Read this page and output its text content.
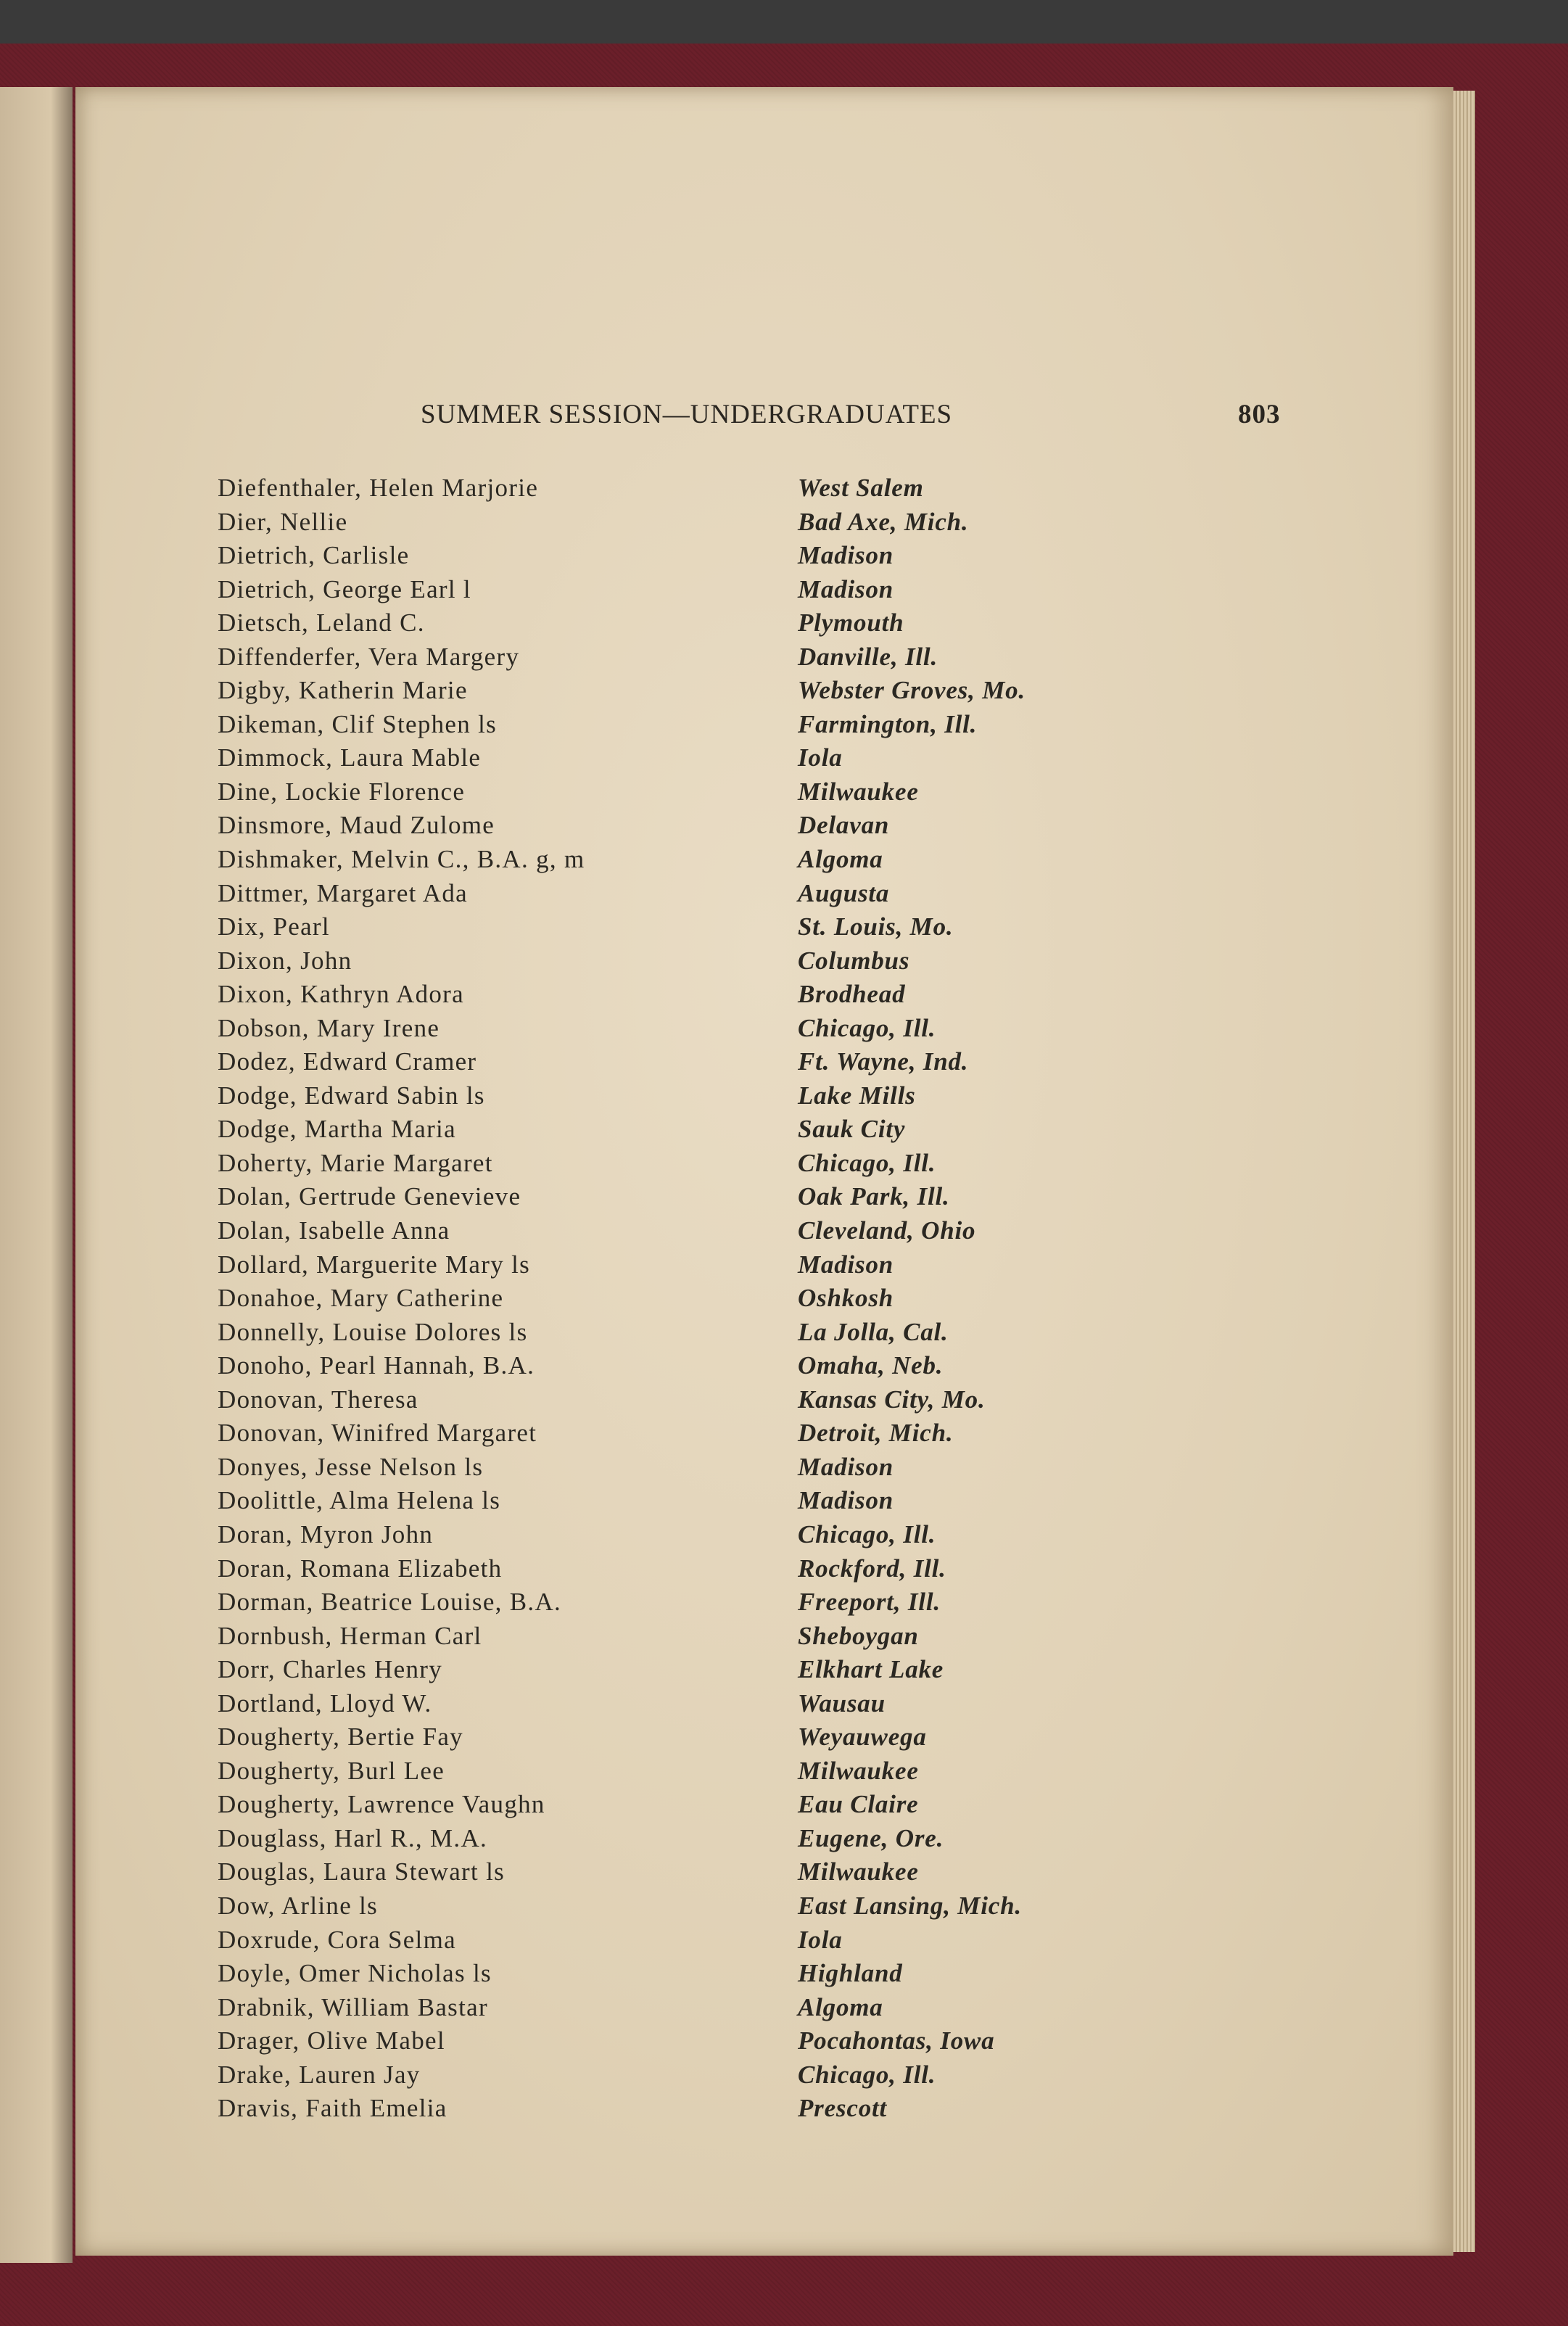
SUMMER SESSION—UNDERGRADUATES	803
Diefenthaler, Helen Marjorie	West Salem
Dier, Nellie	Bad Axe, Mich.
Dietrich, Carlisle	Madison
Dietrich, George Earl l	Madison
Dietsch, Leland C.	Plymouth
Diffenderfer, Vera Margery	Danville, Ill.
Digby, Katherin Marie	Webster Groves, Mo.
Dikeman, Clif Stephen ls	Farmington, Ill.
Dimmock, Laura Mable	Iola
Dine, Lockie Florence	Milwaukee
Dinsmore, Maud Zulome	Delavan
Dishmaker, Melvin C., B.A. g, m	Algoma
Dittmer, Margaret Ada	Augusta
Dix, Pearl	St. Louis, Mo.
Dixon, John	Columbus
Dixon, Kathryn Adora	Brodhead
Dobson, Mary Irene	Chicago, Ill.
Dodez, Edward Cramer	Ft. Wayne, Ind.
Dodge, Edward Sabin ls	Lake Mills
Dodge, Martha Maria	Sauk City
Doherty, Marie Margaret	Chicago, Ill.
Dolan, Gertrude Genevieve	Oak Park, Ill.
Dolan, Isabelle Anna	Cleveland, Ohio
Dollard, Marguerite Mary ls	Madison
Donahoe, Mary Catherine	Oshkosh
Donnelly, Louise Dolores ls	La Jolla, Cal.
Donoho, Pearl Hannah, B.A.	Omaha, Neb.
Donovan, Theresa	Kansas City, Mo.
Donovan, Winifred Margaret	Detroit, Mich.
Donyes, Jesse Nelson ls	Madison
Doolittle, Alma Helena ls	Madison
Doran, Myron John	Chicago, Ill.
Doran, Romana Elizabeth	Rockford, Ill.
Dorman, Beatrice Louise, B.A.	Freeport, Ill.
Dornbush, Herman Carl	Sheboygan
Dorr, Charles Henry	Elkhart Lake
Dortland, Lloyd W.	Wausau
Dougherty, Bertie Fay	Weyauwega
Dougherty, Burl Lee	Milwaukee
Dougherty, Lawrence Vaughn	Eau Claire
Douglass, Harl R., M.A.	Eugene, Ore.
Douglas, Laura Stewart ls	Milwaukee
Dow, Arline ls	East Lansing, Mich.
Doxrude, Cora Selma	Iola
Doyle, Omer Nicholas ls	Highland
Drabnik, William Bastar	Algoma
Drager, Olive Mabel	Pocahontas, Iowa
Drake, Lauren Jay	Chicago, Ill.
Dravis, Faith Emelia	Prescott
